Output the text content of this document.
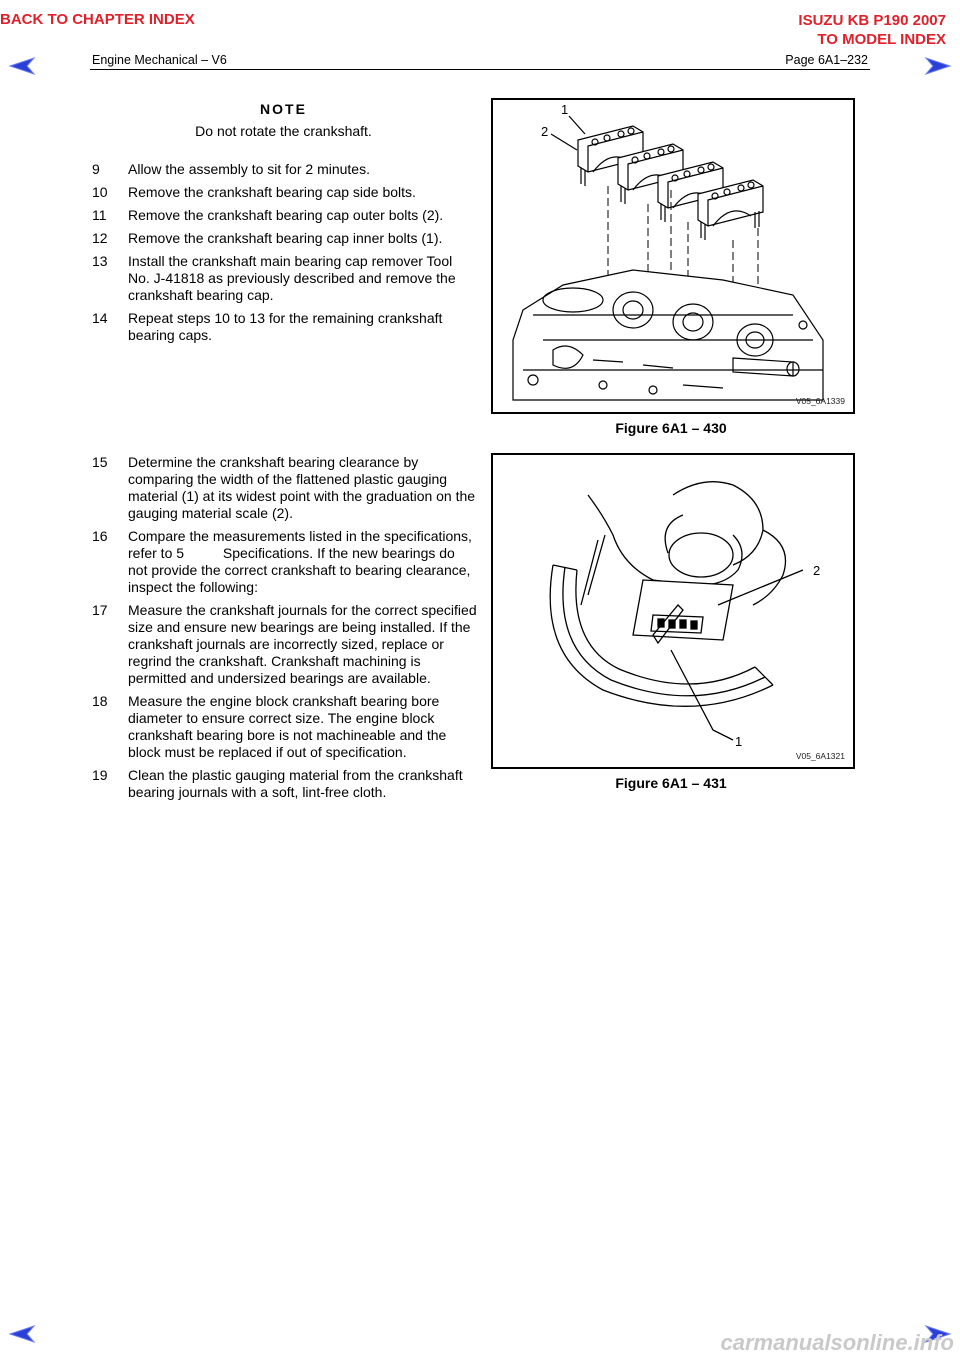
BACK TO CHAPTER INDEX	ISUZU KB P190 2007
TO MODEL INDEX
Engine Mechanical – V6	Page 6A1–232
NOTE
Do not rotate the crankshaft.
9	Allow the assembly to sit for 2 minutes.
10	Remove the crankshaft bearing cap side bolts.
11	Remove the crankshaft bearing cap outer bolts (2).
12	Remove the crankshaft bearing cap inner bolts (1).
13	Install the crankshaft main bearing cap remover Tool No. J-41818 as previously described and remove the crankshaft bearing cap.
14	Repeat steps 10 to 13 for the remaining crankshaft bearing caps.
15	Determine the crankshaft bearing clearance by comparing the width of the flattened plastic gauging material (1) at its widest point with the graduation on the gauging material scale (2).
16	Compare the measurements listed in the specifications, refer to 5          Specifications. If the new bearings do not provide the correct crankshaft to bearing clearance, inspect the following:
17	Measure the crankshaft journals for the correct specified size and ensure new bearings are being installed. If the crankshaft journals are incorrectly sized, replace or regrind the crankshaft. Crankshaft machining is permitted and undersized bearings are available.
18	Measure the engine block crankshaft bearing bore diameter to ensure correct size. The engine block crankshaft bearing bore is not machineable and the block must be replaced if out of specification.
19	Clean the plastic gauging material from the crankshaft bearing journals with a soft, lint-free cloth.
1
2
V05_6A1339
Figure 6A1 – 430
2
1
V05_6A1321
Figure 6A1 – 431
carmanualsonline.info
